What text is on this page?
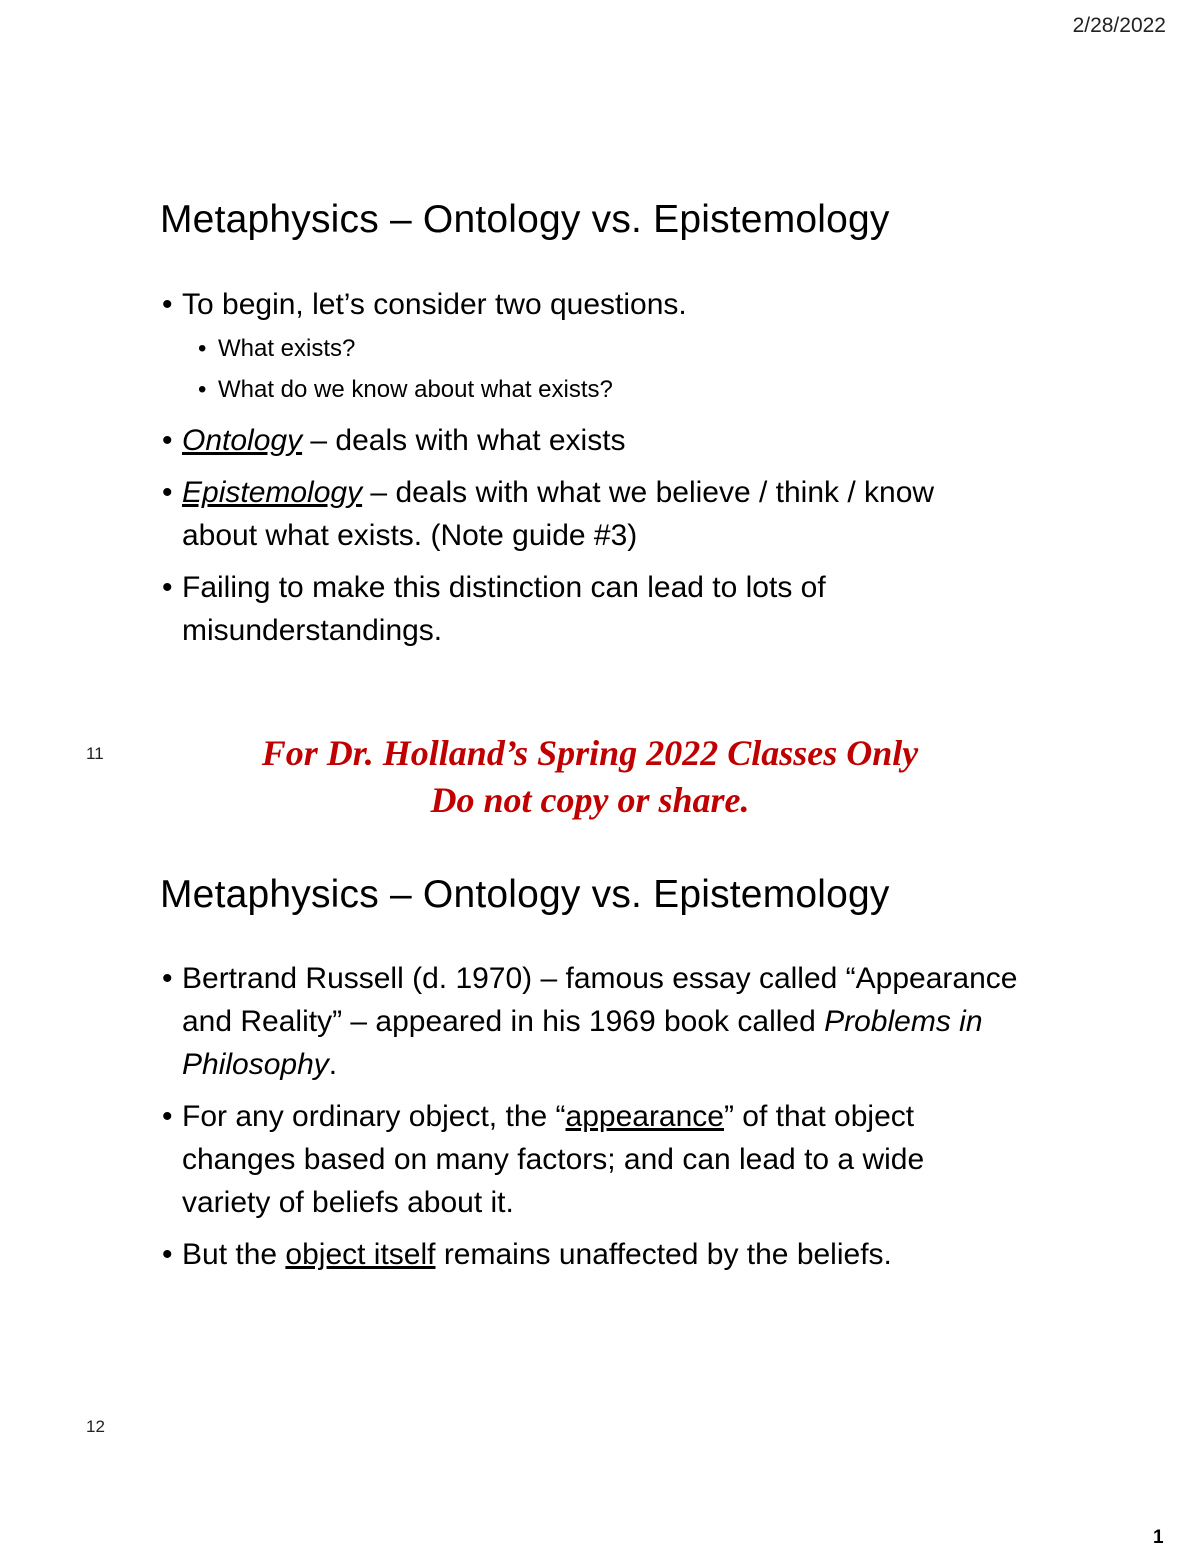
2/28/2022
Metaphysics – Ontology vs. Epistemology
• To begin, let’s consider two questions.
• What exists?
• What do we know about what exists?
• Ontology – deals with what exists
• Epistemology – deals with what we believe / think / know about what exists. (Note guide #3)
• Failing to make this distinction can lead to lots of misunderstandings.
11	For Dr. Holland’s Spring 2022 Classes Only
Do not copy or share.
Metaphysics – Ontology vs. Epistemology
• Bertrand Russell (d. 1970) – famous essay called “Appearance and Reality” – appeared in his 1969 book called Problems in Philosophy.
• For any ordinary object, the “appearance” of that object changes based on many factors; and can lead to a wide variety of beliefs about it.
• But the object itself remains unaffected by the beliefs.
12
1
